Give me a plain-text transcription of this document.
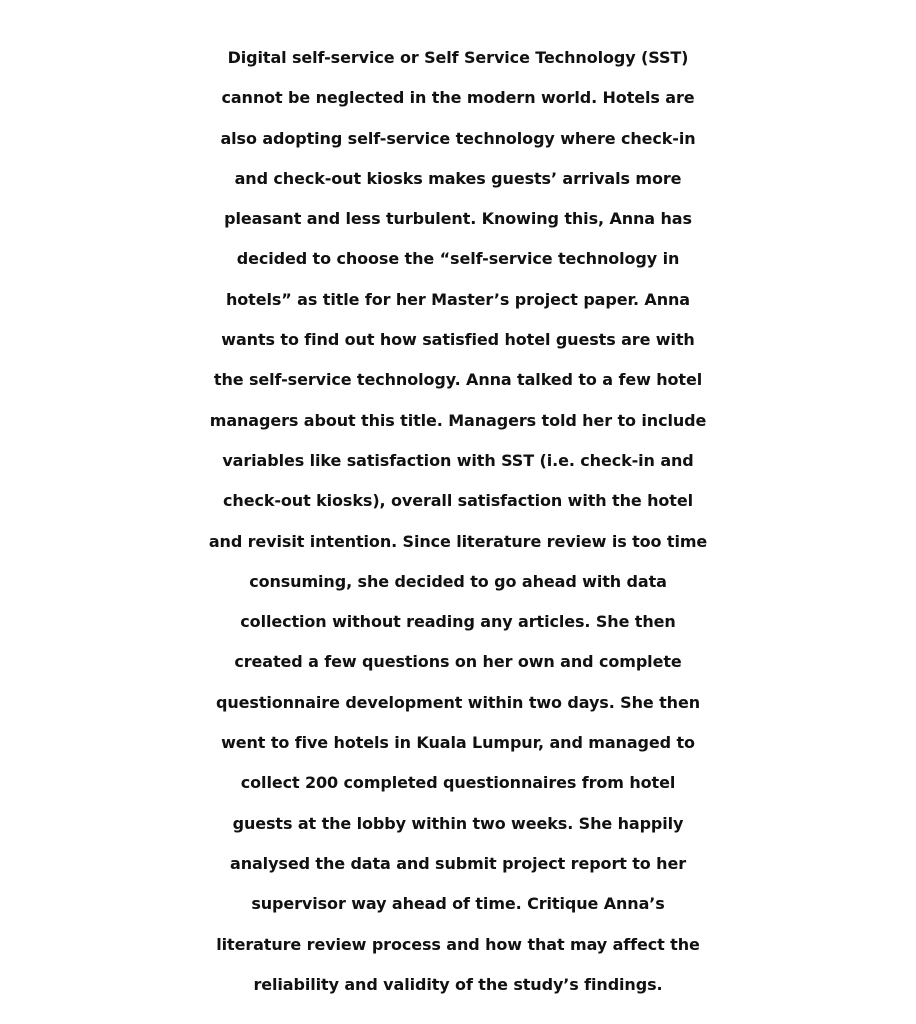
Digital self-service or Self Service Technology (SST)
cannot be neglected in the modern world. Hotels are
also adopting self-service technology where check-in
and check-out kiosks makes guests’ arrivals more
pleasant and less turbulent. Knowing this, Anna has
decided to choose the “self-service technology in
hotels” as title for her Master’s project paper. Anna
wants to find out how satisfied hotel guests are with
the self-service technology. Anna talked to a few hotel
managers about this title. Managers told her to include
variables like satisfaction with SST (i.e. check-in and
check-out kiosks), overall satisfaction with the hotel
and revisit intention. Since literature review is too time
consuming, she decided to go ahead with data
collection without reading any articles. She then
created a few questions on her own and complete
questionnaire development within two days. She then
went to five hotels in Kuala Lumpur, and managed to
collect 200 completed questionnaires from hotel
guests at the lobby within two weeks. She happily
analysed the data and submit project report to her
supervisor way ahead of time. Critique Anna’s
literature review process and how that may affect the
reliability and validity of the study’s findings.
